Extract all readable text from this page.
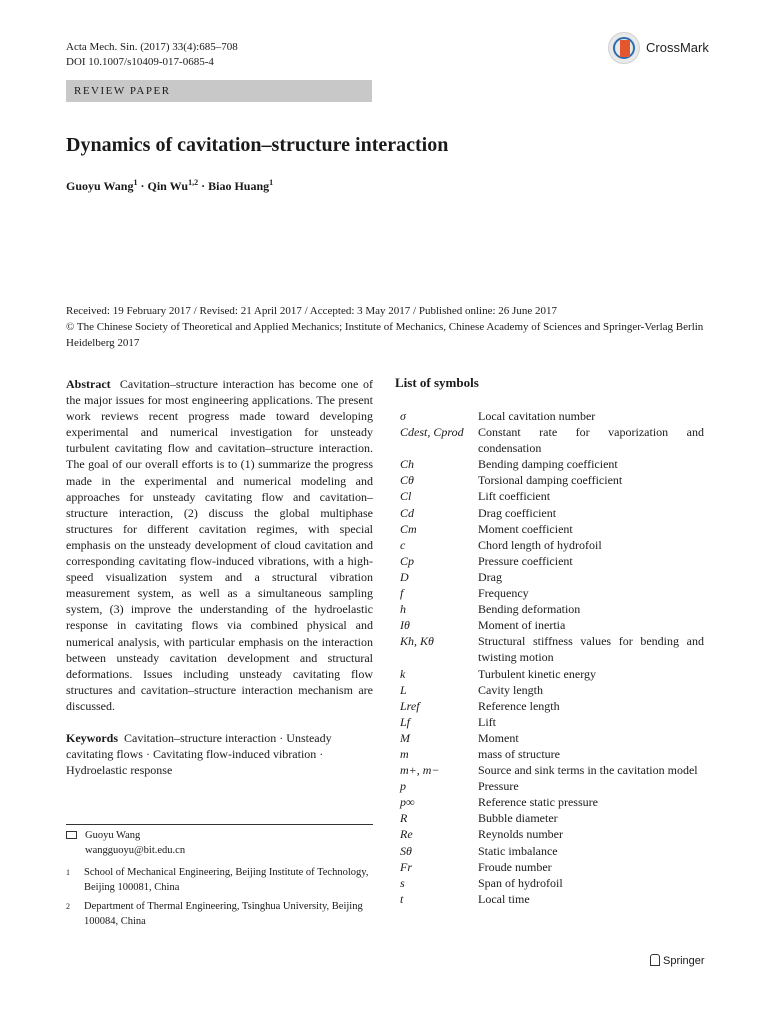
Acta Mech. Sin. (2017) 33(4):685–708
DOI 10.1007/s10409-017-0685-4
CrossMark
REVIEW PAPER
Dynamics of cavitation–structure interaction
Guoyu Wang$^1$ · Qin Wu$^{1,2}$ · Biao Huang$^1$
Received: 19 February 2017 / Revised: 21 April 2017 / Accepted: 3 May 2017 / Published online: 26 June 2017
© The Chinese Society of Theoretical and Applied Mechanics; Institute of Mechanics, Chinese Academy of Sciences and Springer-Verlag Berlin Heidelberg 2017
Abstract Cavitation–structure interaction has become one of the major issues for most engineering applications. The present work reviews recent progress made toward developing experimental and numerical investigation for unsteady turbulent cavitating flow and cavitation–structure interaction. The goal of our overall efforts is to (1) summarize the progress made in the experimental and numerical modeling and approaches for unsteady cavitating flow and cavitation–structure interaction, (2) discuss the global multiphase structures for different cavitation regimes, with special emphasis on the unsteady development of cloud cavitation and corresponding cavitating flow-induced vibrations, with a high-speed visualization system and a structural vibration measurement system, as well as a simultaneous sampling system, (3) improve the understanding of the hydroelastic response in cavitating flows via combined physical and numerical analysis, with particular emphasis on the interaction between unsteady cavitation development and structural deformations. Issues including unsteady cavitating flow structures and cavitation–structure interaction mechanism are discussed.
Keywords Cavitation–structure interaction · Unsteady cavitating flows · Cavitating flow-induced vibration · Hydroelastic response
Guoyu Wang
wangguoyu@bit.edu.cn
1 School of Mechanical Engineering, Beijing Institute of Technology, Beijing 100081, China
2 Department of Thermal Engineering, Tsinghua University, Beijing 100084, China
List of symbols
σ	Local cavitation number
Cdest, Cprod	Constant rate for vaporization and condensation
Ch	Bending damping coefficient
Cθ	Torsional damping coefficient
Cl	Lift coefficient
Cd	Drag coefficient
Cm	Moment coefficient
c	Chord length of hydrofoil
Cp	Pressure coefficient
D	Drag
f	Frequency
h	Bending deformation
Iθ	Moment of inertia
Kh, Kθ	Structural stiffness values for bending and twisting motion
k	Turbulent kinetic energy
L	Cavity length
Lref	Reference length
Lf	Lift
M	Moment
m	mass of structure
m+, m−	Source and sink terms in the cavitation model
p	Pressure
p∞	Reference static pressure
R	Bubble diameter
Re	Reynolds number
Sθ	Static imbalance
Fr	Froude number
s	Span of hydrofoil
t	Local time
Springer
